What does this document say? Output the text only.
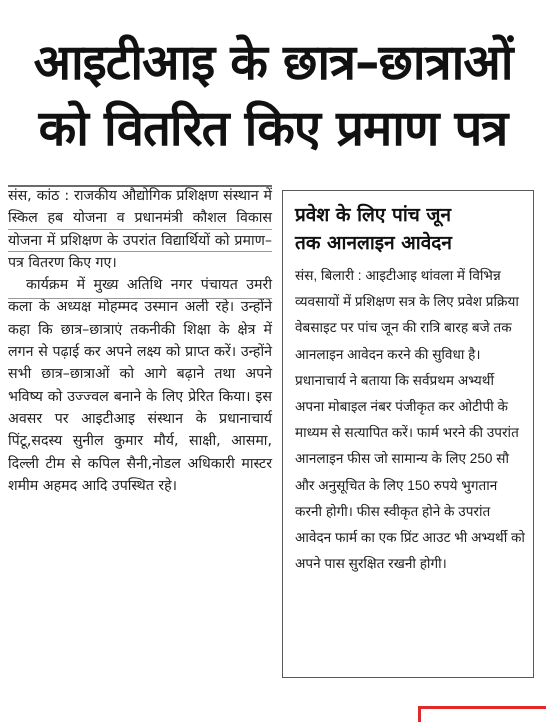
आइटीआइ के छात्र–छात्राओं
को वितरित किए प्रमाण पत्र

संस, कांठ : राजकीय औद्योगिक प्रशिक्षण संस्थान में स्किल हब योजना व प्रधानमंत्री कौशल विकास योजना में प्रशिक्षण के उपरांत विद्यार्थियों को प्रमाण–पत्र वितरण किए गए।

कार्यक्रम में मुख्य अतिथि नगर पंचायत उमरी कला के अध्यक्ष मोहम्मद उस्मान अली रहे। उन्होंने कहा कि छात्र–छात्राएं तकनीकी शिक्षा के क्षेत्र में लगन से पढ़ाई कर अपने लक्ष्य को प्राप्त करें। उन्होंने सभी छात्र–छात्राओं को आगे बढ़ाने तथा अपने भविष्य को उज्ज्वल बनाने के लिए प्रेरित किया। इस अवसर पर आइटीआइ संस्थान के प्रधानाचार्य पिंटू,सदस्य सुनील कुमार मौर्य, साक्षी, आसमा, दिल्ली टीम से कपिल सैनी,नोडल अधिकारी मास्टर शमीम अहमद आदि उपस्थित रहे।

प्रवेश के लिए पांच जून
तक आनलाइन आवेदन

संस, बिलारी : आइटीआइ थांवला में विभिन्न व्यवसायों में प्रशिक्षण सत्र के लिए प्रवेश प्रक्रिया वेबसाइट पर पांच जून की रात्रि बारह बजे तक आनलाइन आवेदन करने की सुविधा है। प्रधानाचार्य ने बताया कि सर्वप्रथम अभ्यर्थी अपना मोबाइल नंबर पंजीकृत कर ओटीपी के माध्यम से सत्यापित करें। फार्म भरने की उपरांत आनलाइन फीस जो सामान्य के लिए 250 सौ और अनुसूचित के लिए 150 रुपये भुगतान करनी होगी। फीस स्वीकृत होने के उपरांत आवेदन फार्म का एक प्रिंट आउट भी अभ्यर्थी को अपने पास सुरक्षित रखनी होगी।
